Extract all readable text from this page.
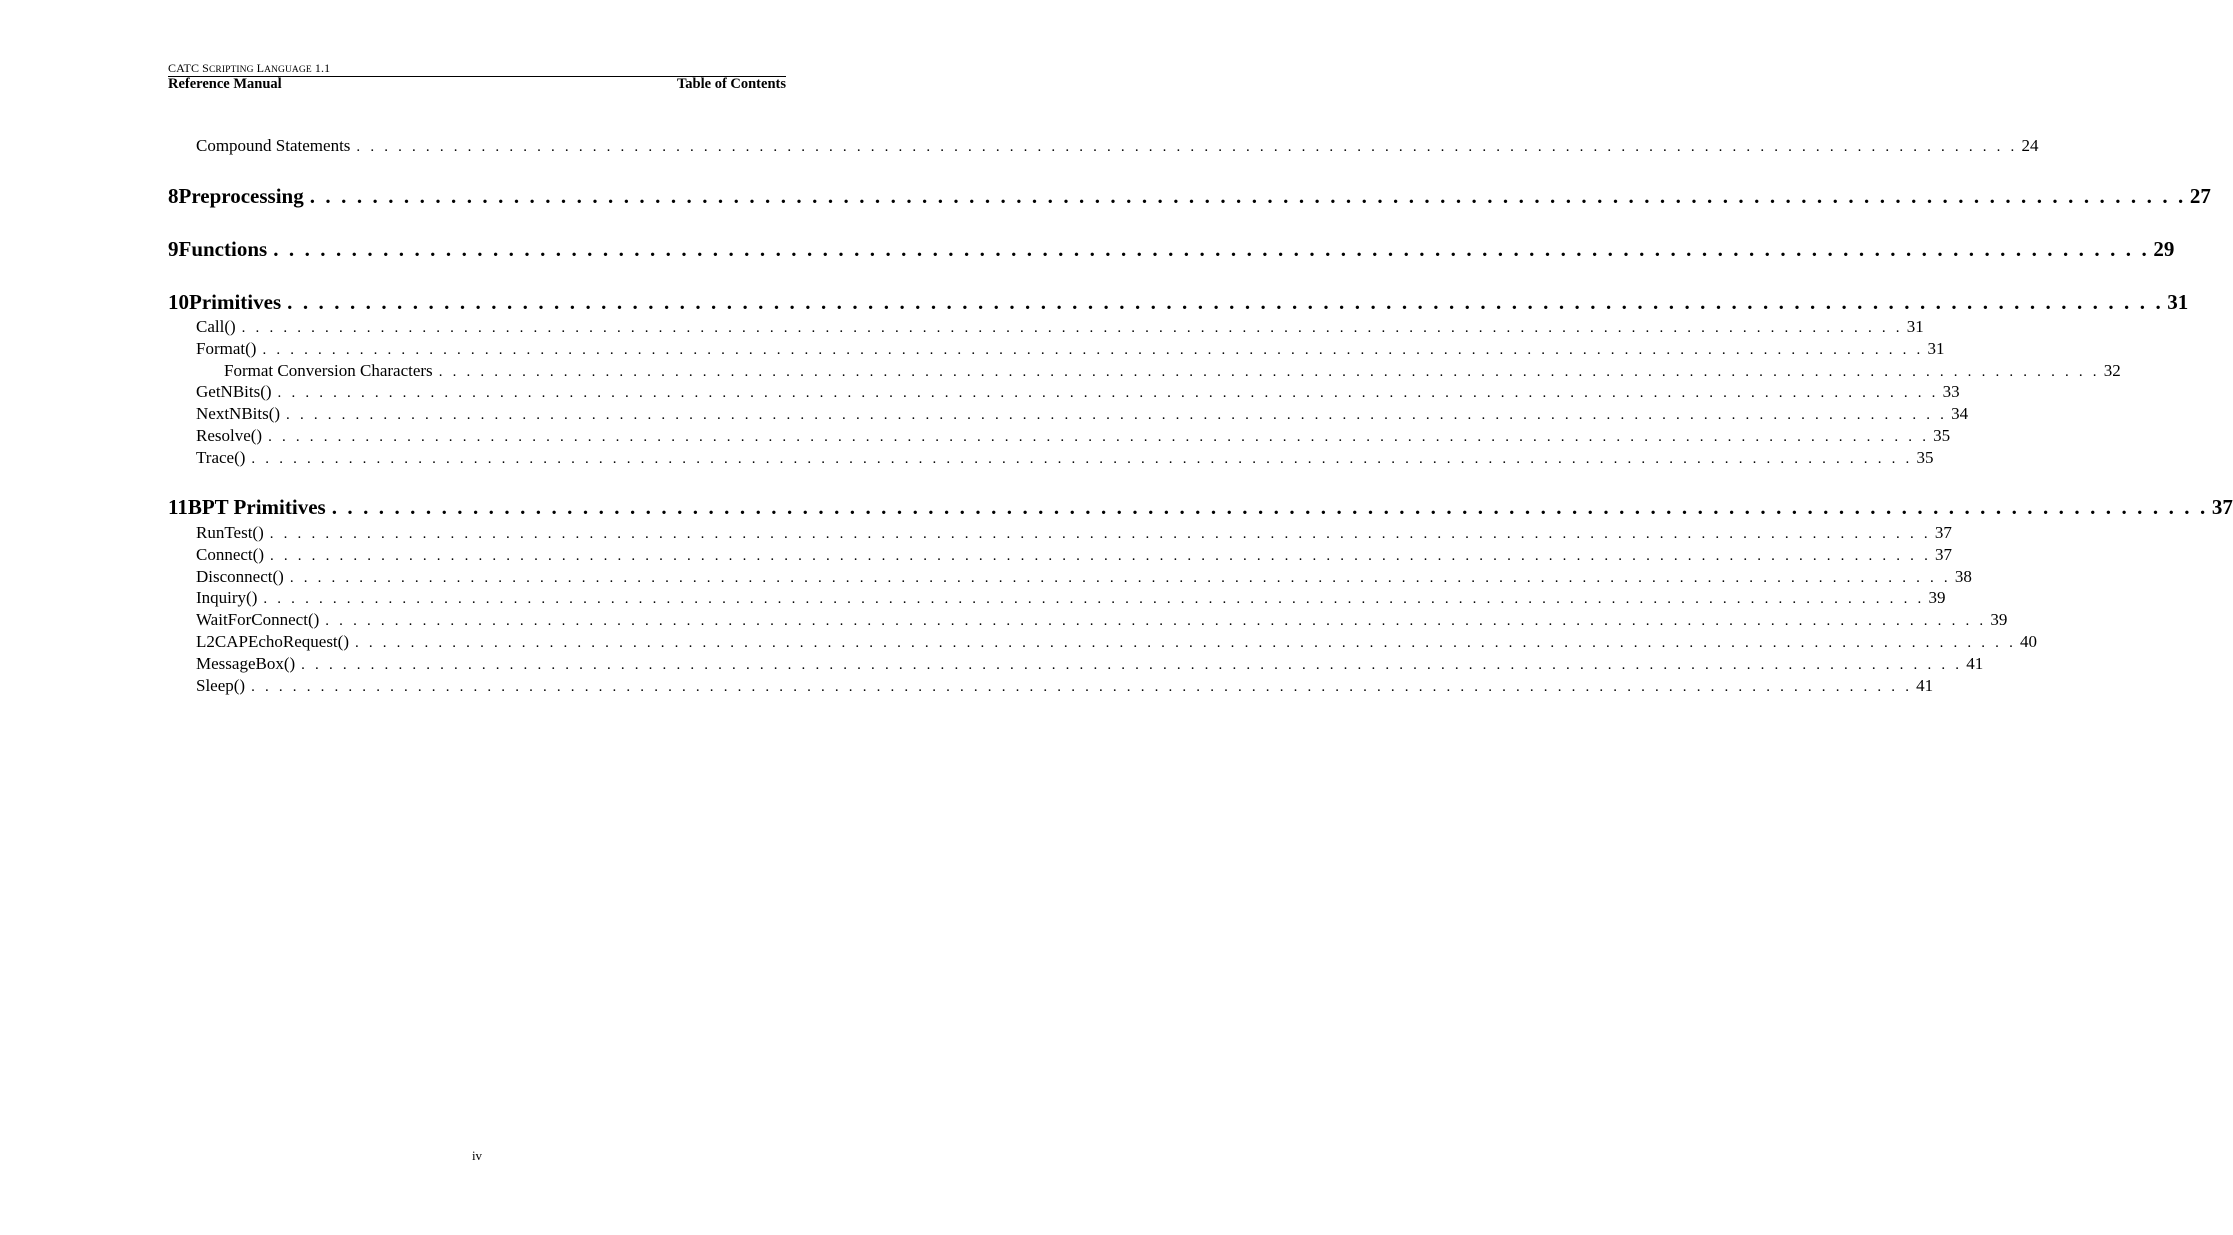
CATC SCRIPTING LANGUAGE 1.1
Reference Manual	Table of Contents
Compound Statements . . . . . . . . . . . . . . . . . . . . . . . . . . . . . . . . . . . . . . . . . . . . . . . . . . . . . . . . . . . . . . . . . . . . . . . . . . . . . . . . . . . . . . . . . . . . . . . . . . . . . . . . . . . . . . . . . . . . . . . . 24
8 Preprocessing . . . . . . . . . . . . . . . . . . . . . . . . . . . . . . . . . . . . . . . . . . . . . . . . . . . . . . . . . . . . . . . . . . . . . . . . . . . . . . . . . . . . . . . . . . . . . . . . . . . . . . . . . . . . . . . . . . . . . . . . 27
9 Functions . . . . . . . . . . . . . . . . . . . . . . . . . . . . . . . . . . . . . . . . . . . . . . . . . . . . . . . . . . . . . . . . . . . . . . . . . . . . . . . . . . . . . . . . . . . . . . . . . . . . . . . . . . . . . . . . . . . . . . . . 29
10 Primitives . . . . . . . . . . . . . . . . . . . . . . . . . . . . . . . . . . . . . . . . . . . . . . . . . . . . . . . . . . . . . . . . . . . . . . . . . . . . . . . . . . . . . . . . . . . . . . . . . . . . . . . . . . . . . . . . . . . . . . . . 31
Call() . . . . . . . . . . . . . . . . . . . . . . . . . . . . . . . . . . . . . . . . . . . . . . . . . . . . . . . . . . . . . . . . . . . . . . . . . . . . . . . . . . . . . . . . . . . . . . . . . . . . . . . . . . . . . . . . . . . . . . . . 31
Format() . . . . . . . . . . . . . . . . . . . . . . . . . . . . . . . . . . . . . . . . . . . . . . . . . . . . . . . . . . . . . . . . . . . . . . . . . . . . . . . . . . . . . . . . . . . . . . . . . . . . . . . . . . . . . . . . . . . . . . . . 31
Format Conversion Characters . . . . . . . . . . . . . . . . . . . . . . . . . . . . . . . . . . . . . . . . . . . . . . . . . . . . . . . . . . . . . . . . . . . . . . . . . . . . . . . . . . . . . . . . . . . . . . . . . . . . . . . . . . . . . . . . . . . . . . . . 32
GetNBits() . . . . . . . . . . . . . . . . . . . . . . . . . . . . . . . . . . . . . . . . . . . . . . . . . . . . . . . . . . . . . . . . . . . . . . . . . . . . . . . . . . . . . . . . . . . . . . . . . . . . . . . . . . . . . . . . . . . . . . . . 33
NextNBits() . . . . . . . . . . . . . . . . . . . . . . . . . . . . . . . . . . . . . . . . . . . . . . . . . . . . . . . . . . . . . . . . . . . . . . . . . . . . . . . . . . . . . . . . . . . . . . . . . . . . . . . . . . . . . . . . . . . . . . . . 34
Resolve() . . . . . . . . . . . . . . . . . . . . . . . . . . . . . . . . . . . . . . . . . . . . . . . . . . . . . . . . . . . . . . . . . . . . . . . . . . . . . . . . . . . . . . . . . . . . . . . . . . . . . . . . . . . . . . . . . . . . . . . . 35
Trace() . . . . . . . . . . . . . . . . . . . . . . . . . . . . . . . . . . . . . . . . . . . . . . . . . . . . . . . . . . . . . . . . . . . . . . . . . . . . . . . . . . . . . . . . . . . . . . . . . . . . . . . . . . . . . . . . . . . . . . . . 35
11 BPT Primitives . . . . . . . . . . . . . . . . . . . . . . . . . . . . . . . . . . . . . . . . . . . . . . . . . . . . . . . . . . . . . . . . . . . . . . . . . . . . . . . . . . . . . . . . . . . . . . . . . . . . . . . . . . . . . . . . . . . . . . . . 37
RunTest() . . . . . . . . . . . . . . . . . . . . . . . . . . . . . . . . . . . . . . . . . . . . . . . . . . . . . . . . . . . . . . . . . . . . . . . . . . . . . . . . . . . . . . . . . . . . . . . . . . . . . . . . . . . . . . . . . . . . . . . . 37
Connect() . . . . . . . . . . . . . . . . . . . . . . . . . . . . . . . . . . . . . . . . . . . . . . . . . . . . . . . . . . . . . . . . . . . . . . . . . . . . . . . . . . . . . . . . . . . . . . . . . . . . . . . . . . . . . . . . . . . . . . . . 37
Disconnect() . . . . . . . . . . . . . . . . . . . . . . . . . . . . . . . . . . . . . . . . . . . . . . . . . . . . . . . . . . . . . . . . . . . . . . . . . . . . . . . . . . . . . . . . . . . . . . . . . . . . . . . . . . . . . . . . . . . . . . . . 38
Inquiry() . . . . . . . . . . . . . . . . . . . . . . . . . . . . . . . . . . . . . . . . . . . . . . . . . . . . . . . . . . . . . . . . . . . . . . . . . . . . . . . . . . . . . . . . . . . . . . . . . . . . . . . . . . . . . . . . . . . . . . . . 39
WaitForConnect() . . . . . . . . . . . . . . . . . . . . . . . . . . . . . . . . . . . . . . . . . . . . . . . . . . . . . . . . . . . . . . . . . . . . . . . . . . . . . . . . . . . . . . . . . . . . . . . . . . . . . . . . . . . . . . . . . . . . . . . . 39
L2CAPEchoRequest() . . . . . . . . . . . . . . . . . . . . . . . . . . . . . . . . . . . . . . . . . . . . . . . . . . . . . . . . . . . . . . . . . . . . . . . . . . . . . . . . . . . . . . . . . . . . . . . . . . . . . . . . . . . . . . . . . . . . . . . . 40
MessageBox() . . . . . . . . . . . . . . . . . . . . . . . . . . . . . . . . . . . . . . . . . . . . . . . . . . . . . . . . . . . . . . . . . . . . . . . . . . . . . . . . . . . . . . . . . . . . . . . . . . . . . . . . . . . . . . . . . . . . . . . . 41
Sleep() . . . . . . . . . . . . . . . . . . . . . . . . . . . . . . . . . . . . . . . . . . . . . . . . . . . . . . . . . . . . . . . . . . . . . . . . . . . . . . . . . . . . . . . . . . . . . . . . . . . . . . . . . . . . . . . . . . . . . . . . 41
iv
